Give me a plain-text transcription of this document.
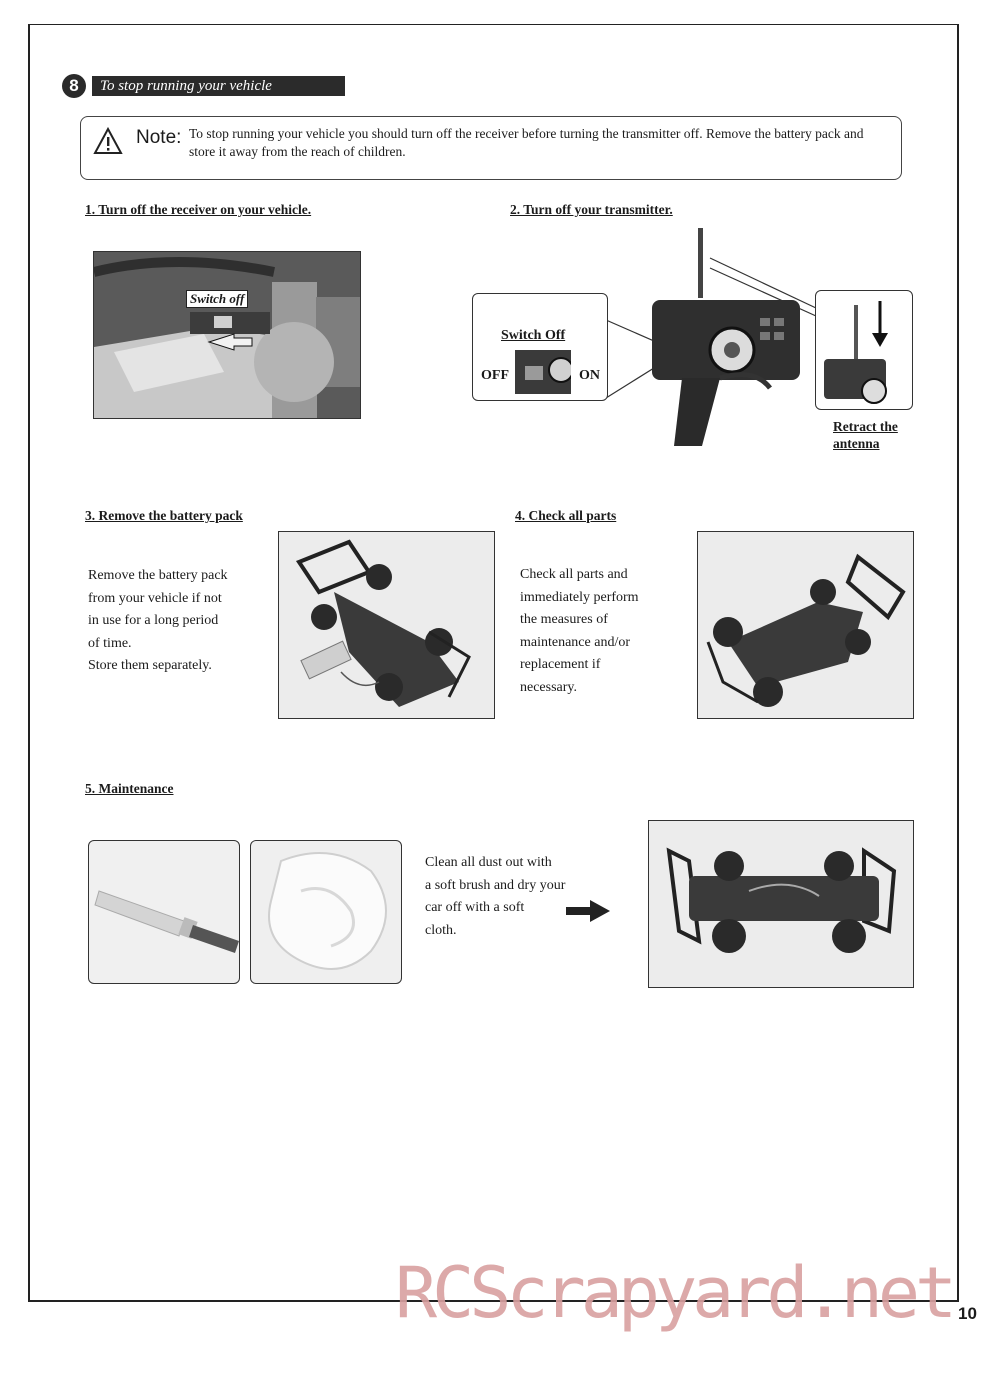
8	To stop running your vehicle
Note: To stop running your vehicle you should turn off the receiver before turning the transmitter off. Remove the battery pack and store it away from the reach of children.
1. Turn off the receiver on your vehicle.
Switch off
2. Turn off your transmitter.
Switch Off
OFF	ON
Retract the
antenna
3. Remove the battery pack
Remove the battery pack
from your vehicle if not
in use for a long period
of time.
Store them separately.
4. Check all parts
Check all parts and
immediately perform
the measures of
maintenance and/or
replacement if
necessary.
5. Maintenance
Clean all dust out with
a soft brush and dry your
car off with a soft
cloth.
RCScrapyard.net 10
